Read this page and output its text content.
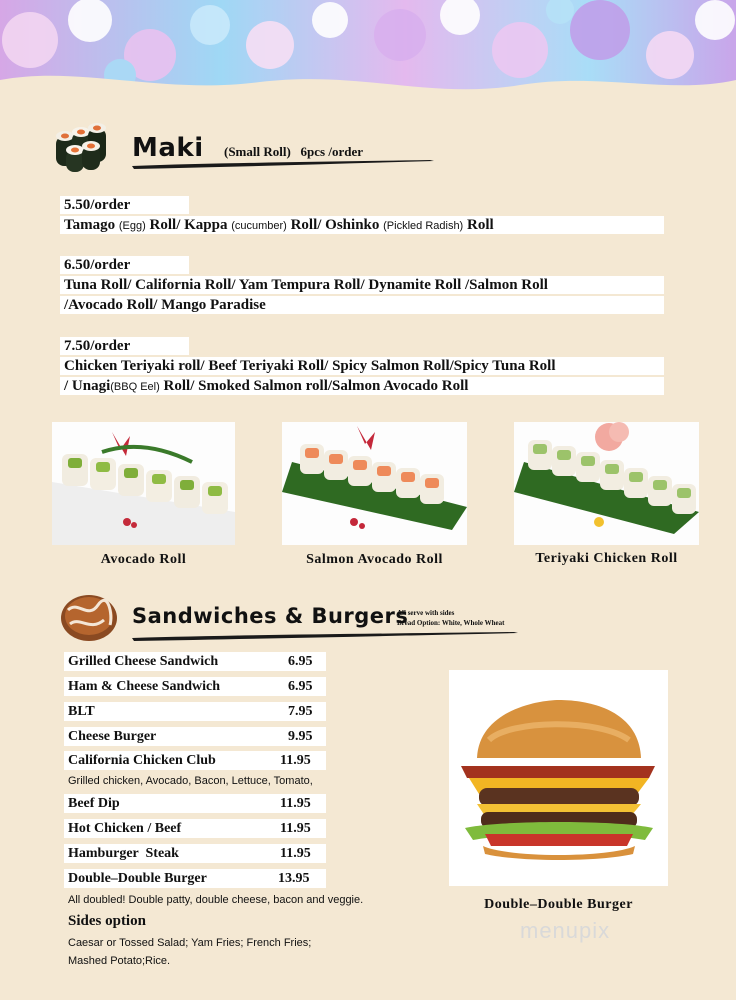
Maki (Small Roll)   6pcs /order
5.50/order
Tamago (Egg) Roll/ Kappa (cucumber) Roll/ Oshinko (Pickled Radish) Roll
6.50/order
Tuna Roll/ California Roll/ Yam Tempura Roll/ Dynamite Roll /Salmon Roll
/Avocado Roll/ Mango Paradise
7.50/order
Chicken Teriyaki roll/ Beef Teriyaki Roll/ Spicy Salmon Roll/Spicy Tuna Roll
/ Unagi(BBQ Eel) Roll/ Smoked Salmon roll/Salmon Avocado Roll
Avocado Roll	Salmon Avocado Roll	Teriyaki Chicken Roll
Sandwiches & Burgers
All serve with sides
Bread Option: White, Whole Wheat
Grilled Cheese Sandwich	6.95
Ham & Cheese Sandwich	6.95
BLT	7.95
Cheese Burger	9.95
California Chicken Club	11.95
Grilled chicken, Avocado, Bacon, Lettuce, Tomato,
Beef Dip	11.95
Hot Chicken / Beef	11.95
Hamburger  Steak	11.95
Double–Double Burger	13.95
All doubled! Double patty, double cheese, bacon and veggie.
Sides option
Caesar or Tossed Salad; Yam Fries; French Fries;
Mashed Potato;Rice.
Double–Double Burger
menupix
